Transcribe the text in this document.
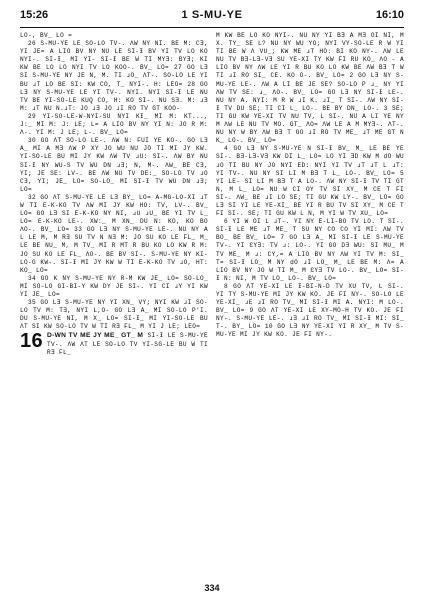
15:26	1 S-MU-YE	16:10

LO-, BV_ LO =

26 S-MU-YE LE SO-LO TV-. ΛW NY NI. BE M: CƎ, YI JE= A LIO BV NY NU LE SI-Ɨ BV YI TV LO KO NYI-. SI-Ɨ_ MI YI- SI-Ɨ BE W TI MYƎ: BYƎ; KI KW BE LO LO NYI TV LO KOO-. BV_ LO= 27 GO LƎ SI S-MU-YE NY JE N, M. TI ɹO_ ɅT-. SO-LO LE YI BU ɹT LO BE SI: KW CO, T_ NYI-. H: LEO= 28 GO LƎ NY S-MU-YE LE YI TV-. NYI. NYI SI-Ɨ LE NU TV BE YI-SO-LE KUQ CO, H: KO SI-. NU SƎ. M: ɹƎ M: ɹT NU N.ɹT: JO ɹƎ JO ɹI RO TV GT KOO-

29 YI-SO-LE-W-NYI-SU NYI KƗ_ MI M: KT..., J:_ MI M: J: LE; L= A LIO BV NY YI N: JO R M: Λ-. YI M: J LE; L-. BV_ LO=

30 GO ɅT SO-LO LE-. ΛW N: FUI YE KO-. GO LƎ A_ MI A MƎ ΛW P XY JO WU NU JO TI MI JY KW. YI-SO-LE BU MI JY KW ΛW TV ɹU: SI-. ΛW BY NU SI-Ɨ NY WU-S TV WU DN ɹƎ; N, M-. ΛW_ BE CƎ, YI; JE SE: LV-. BE ΛW NU TV DE:_ SO-LO TV ɹO CƎ, YI; JE_ LO= SO-LO_ MI SI-Ɨ TV WU DN ɹƎ; LO=

32 GO ɅT S-MU-YE LE LƎ BY_ LO= A-MG-LO-XI ɹT W TI E-K-KO TV ΛW MI JY KW HO: TV, LV-. BV_ LO= GO LƎ SI E-K-KO NY NI, ɹU ɹU_ BE YI TV L_ LO= E-K-KO LE-. XW:_ M XN_ DU N: KO, KO BO ΛO-. BV_ LO= 33 GO LƎ NY S-MU-YE LE-. NU NY A L LE M, M RƎ SU TV N NƎ M: JO SU KO LE FL_ M_ LE BE NU_ M, M TV_ MI R MT R BU KO LO KW R M: JO SU KO LE FL_ ΛO-. BE BV SI-. S-MU-YE NY KI-LO-G KW-. SI-Ɨ MI JY KW W TI E-K-KO TV ɹO, HT: KO_ LO=

34 GO K NY S-MU-YE NY R-M KW JE_ LO= SO-LO_ MI SO-LO GI-BI-Y KW DY JE SI-. YI CI ɹY YI KW YI JE_ LO=

35 GO LƎ S-MU-YE NY YI XN_ VY; NYI KW ɹI SO-LO TV M: TƎ, NYI L,O- GO LƎ A_ MI SO-LO P'I. DU S-MU-YE NI, M X_ LO= SI-Ɨ_ MI YI-SO-LE BU ɅT SI KW SO-LO TV W TI RƎ FL_ M YI J LE; LEO=

16 D-WN TV ME JY ME_ GT_ M SI-Ɨ LE S-MU-YE TV-. ΛW ɅT LE SO-LO TV YI-SG-LE BU W TI RƎ FL_

M KW BE LO KO NYI-. NU NY YI BƎ A MƎ OI NI, M X. TY_ SE L? NU NY WU YO; NYI VY-SO-LE R W YI TI BE W Ʌ VU_; KW ME ɹT HO: BI KO NY-. ΛW LE NU TV BƎ-LƎ-VƎ SU YE-XI TY KW FI RU KO_ ΛO - A LIO BV NY ΛW LE YI R BU KO LO KW BE ΛW BƎ T W TI ɹI RO SI_ CE. KO O-. BV_ LO= 2 GO LƎ NY S-MU-YE LE-. ΛW A LI BE JE SE? SO-LO P ɹ_ NY YI ΛW TV SE: ɹ_ ΛO-. BV_ LO= GO LƎ NY SI-Ɨ LE-. NU NY A. NYI: M R W ɹI K. ɹI_ T SI-. ΛW NY SI-Ɨ TV DU SE; TI CI L_ LO-. BE BY DN_ LO-. 3 SE; TI GU KW YE-XI TV NU TV, L SI-. NU A LI YE NY M ΛW LE NU TV MO. GT_ ΛO= ΛW LE A M MYƎ-. ΛT-. NU NY W BY ΛW BƎ T GO ɹI RO TV ME_ ɹT ME GT N K_ LO-. BV_ LO=

4 GO LƎ NY S-MU-YE N SI-Ɨ BV_ M_ LE BE YE SI-. BƎ-LƎ-VƎ KW DI L_ LO= LO YI ƎD KW M dO WU ɹO TI BU NY JO NYI ED: NYI YI TV ɹT ɹT L ɹT: YI TV-. NU NY SI LI M BƎ T L_ LO-. BV_ LO= 5 YI LE- SI LI M BƎ T A LO-. ΛW NY SI-Ɨ TV TI GT N, M L_ LO= NU W CI OY TV SI XY_ M CE T FI SI-. ΛW_ BE ɹI LO SE; TI GU KW LY-. BV_ LO= GO LƎ SI YI LE YE-XI_ BE YI R BU TV SI XY_ M CE T FI SI-. SE; TI GU KW L N, M YI W TV XU_ LO=

6 YI W OI L ɹT-. YI NY E-LI-BO TV LO. T SI-. SI-Ɨ LE ME ɹT ME_ T SU NY CO CO YI MI: ΛW TV BO_ BE BV_ LO= 7 GO LƎ A_ MI SI-Ɨ LE S-MU-YE TV-. YI ƐYƎ: TV ɹ: LO-. YI GO DƎ WU: SI MU_ M TV ME_ M ɹ: CY,= A LIO BV NY ΛW YI TV M: SI_ T= SI-Ɨ LO_ M NY dO ɹI LO_ M_ LE BE M: Λ= A LIO BV NY JO W TI M_ M ƐYƎ TV LO-. BV_ LO= SI-Ɨ N: NI, M TV LO_ LO-. BV_ LO=

8 GO ɅT YE-XI LE Ɨ-BI-N-D TV XU TV, L SI-. YI TY S-MU-YE MI JY KW KO. JE FI NY-. SO-LO LE YE-XI_ ɹE ɹI RO TV_ MI SI-Ɨ MI A. NYI: M LO-. BV_ LO= 9 GO ɅT YE-XI LE XY-MO-H TV KO. JE FI NY-. S-MU-YE LE-. ɹƎ ɹI RO TV_ MI SI-Ɨ MI: SI_ T-. BY_ LO= 10 GO LƎ NY YE-XI YI R XY_ M TV S-MU-YE MI JY KW KO. JE FI NY-.

334
